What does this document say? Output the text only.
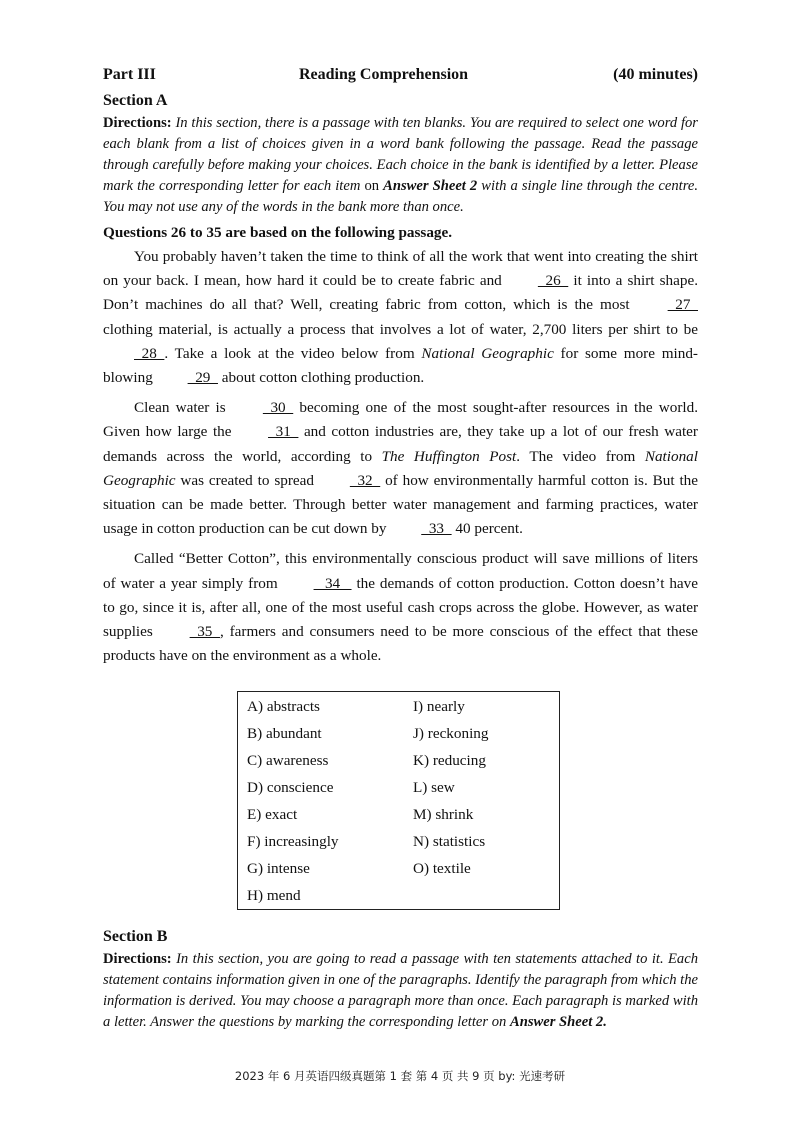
Part III	Reading Comprehension	(40 minutes)
Section A
Directions: In this section, there is a passage with ten blanks. You are required to select one word for each blank from a list of choices given in a word bank following the passage. Read the passage through carefully before making your choices. Each choice in the bank is identified by a letter. Please mark the corresponding letter for each item on Answer Sheet 2 with a single line through the centre. You may not use any of the words in the bank more than once.
Questions 26 to 35 are based on the following passage.

You probably haven’t taken the time to think of all the work that went into creating the shirt on your back. I mean, how hard it could be to create fabric and   26   it into a shirt shape. Don’t machines do all that? Well, creating fabric from cotton, which is the most   27   clothing material, is actually a process that involves a lot of water, 2,700 liters per shirt to be   28  . Take a look at the video below from National Geographic for some more mind-blowing   29   about cotton clothing production.

Clean water is   30   becoming one of the most sought-after resources in the world. Given how large the   31   and cotton industries are, they take up a lot of our fresh water demands across the world, according to The Huffington Post. The video from National Geographic was created to spread   32   of how environmentally harmful cotton is. But the situation can be made better. Through better water management and farming practices, water usage in cotton production can be cut down by   33   40 percent.

Called “Better Cotton”, this environmentally conscious product will save millions of liters of water a year simply from    34    the demands of cotton production. Cotton doesn’t have to go, since it is, after all, one of the most useful cash crops across the globe. However, as water supplies   35  , farmers and consumers need to be more conscious of the effect that these products have on the environment as a whole.

A) abstracts
B) abundant
C) awareness
D) conscience
E) exact
F) increasingly
G) intense
H) mend
I) nearly
J) reckoning
K) reducing
L) sew
M) shrink
N) statistics
O) textile
Section B
Directions: In this section, you are going to read a passage with ten statements attached to it. Each statement contains information given in one of the paragraphs. Identify the paragraph from which the information is derived. You may choose a paragraph more than once. Each paragraph is marked with a letter. Answer the questions by marking the corresponding letter on Answer Sheet 2.
2023 年 6 月英语四级真题第 1 套 第 4 页 共 9 页 by: 光速考研
